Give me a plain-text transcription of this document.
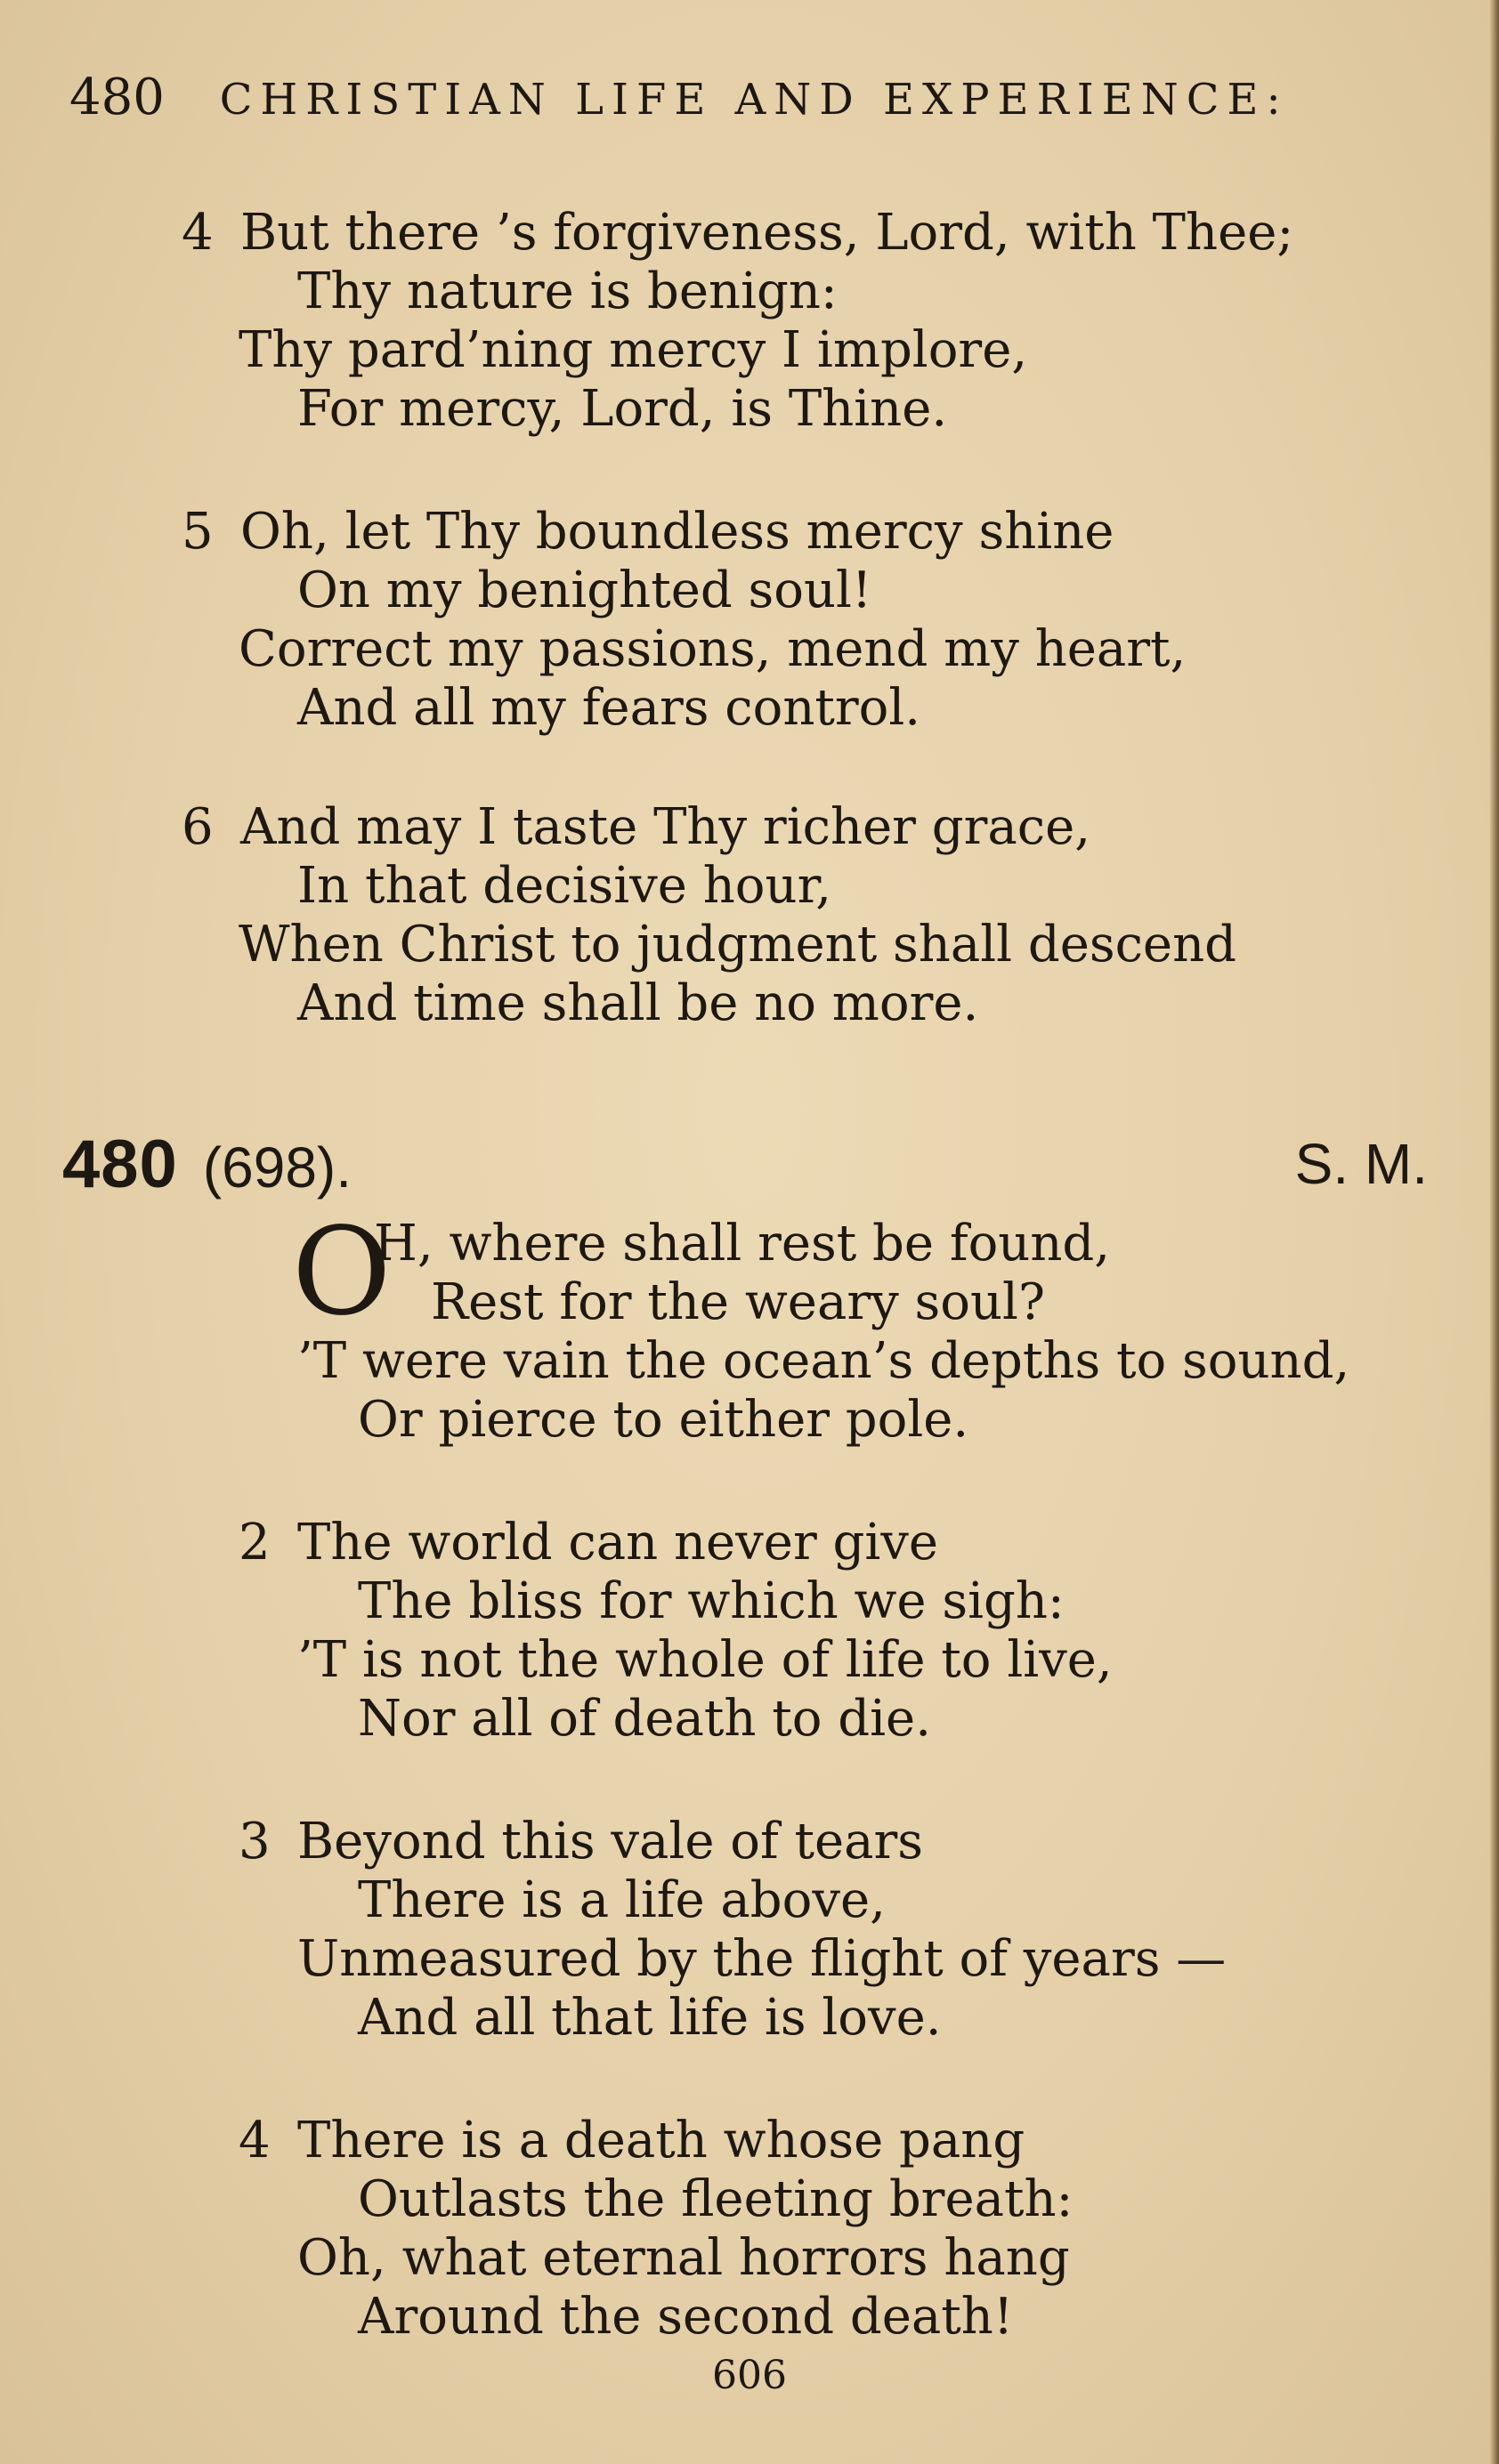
480 CHRISTIAN LIFE AND EXPERIENCE:
4 But there ’s forgiveness, Lord, with Thee;
Thy nature is benign:
Thy pard’ning mercy I implore,
For mercy, Lord, is Thine.
5 Oh, let Thy boundless mercy shine
On my benighted soul!
Correct my passions, mend my heart,
And all my fears control.
6 And may I taste Thy richer grace,
In that decisive hour,
When Christ to judgment shall descend
And time shall be no more.
480 (698).	S. M.
O
H, where shall rest be found,
Rest for the weary soul?
’T were vain the ocean’s depths to sound,
Or pierce to either pole.
2 The world can never give
The bliss for which we sigh:
’T is not the whole of life to live,
Nor all of death to die.
3 Beyond this vale of tears
There is a life above,
Unmeasured by the flight of years —
And all that life is love.
4 There is a death whose pang
Outlasts the fleeting breath:
Oh, what eternal horrors hang
Around the second death!
606
